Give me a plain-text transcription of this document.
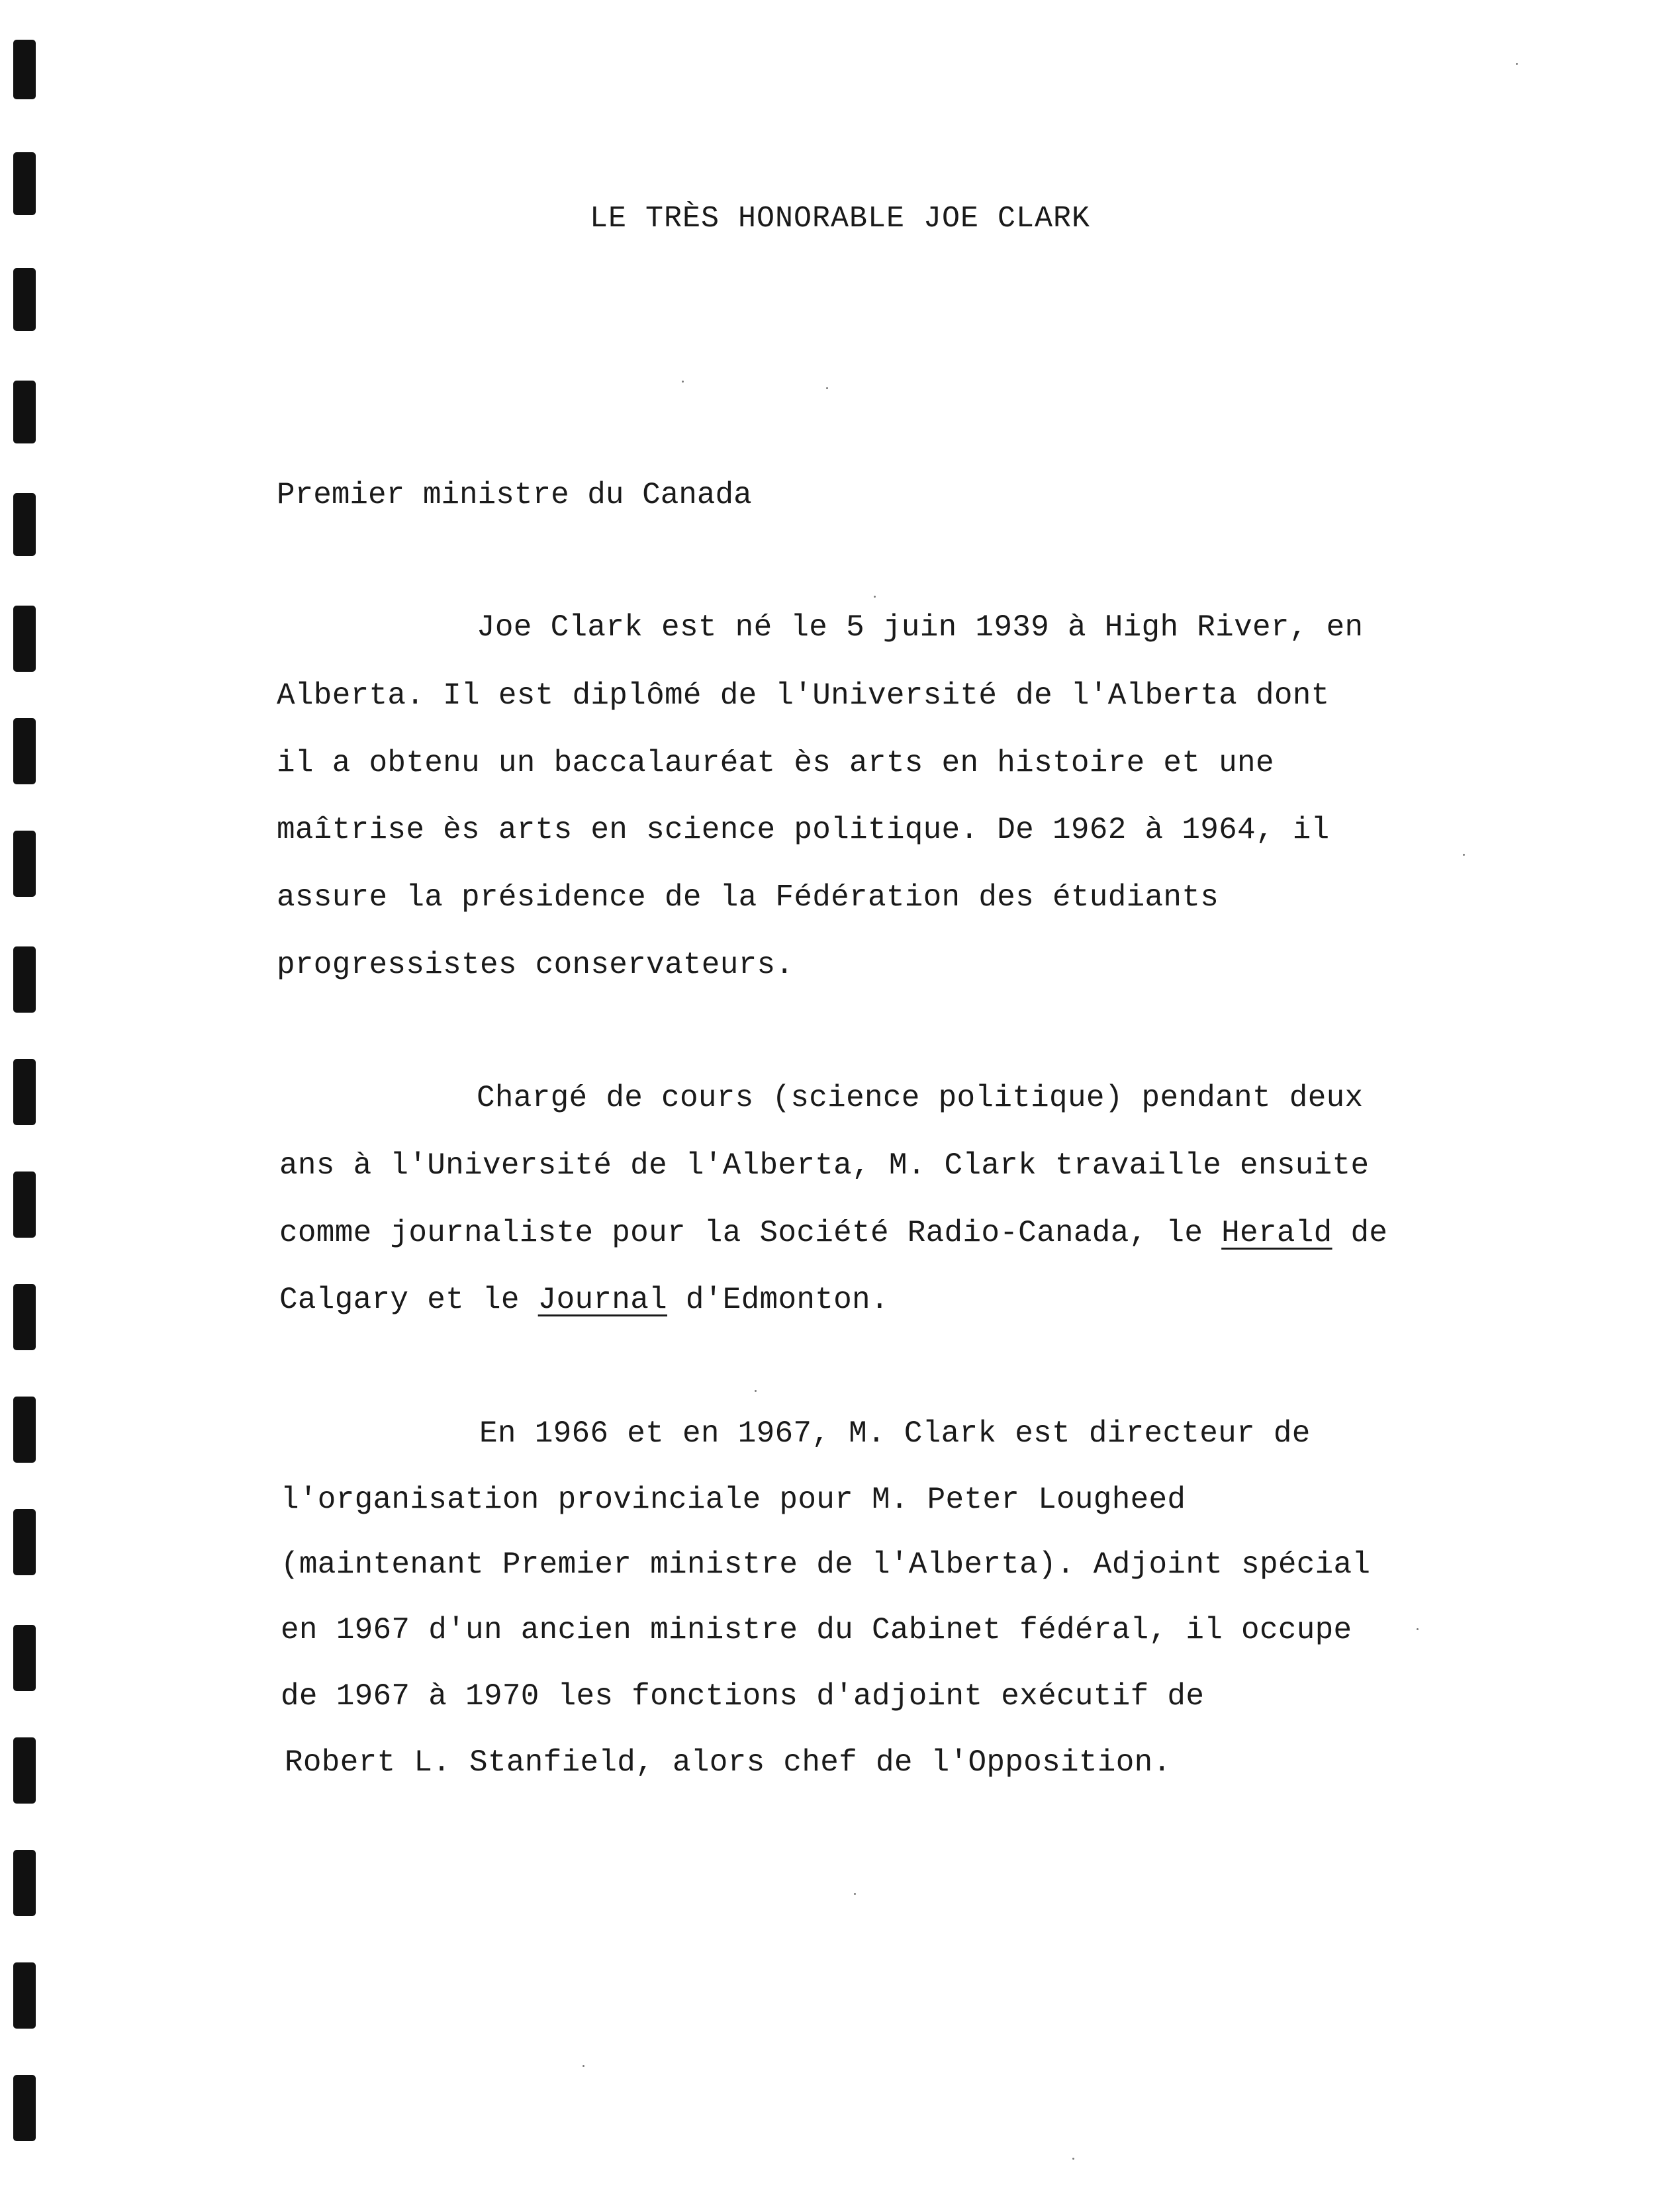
LE TRÈS HONORABLE JOE CLARK
Premier ministre du Canada
Joe Clark est né le 5 juin 1939 à High River, en
Alberta. Il est diplômé de l'Université de l'Alberta dont
il a obtenu un baccalauréat ès arts en histoire et une
maîtrise ès arts en science politique. De 1962 à 1964, il
assure la présidence de la Fédération des étudiants
progressistes conservateurs.
Chargé de cours (science politique) pendant deux
ans à l'Université de l'Alberta, M. Clark travaille ensuite
comme journaliste pour la Société Radio-Canada, le Herald de
Calgary et le Journal d'Edmonton.
En 1966 et en 1967, M. Clark est directeur de
l'organisation provinciale pour M. Peter Lougheed
(maintenant Premier ministre de l'Alberta). Adjoint spécial
en 1967 d'un ancien ministre du Cabinet fédéral, il occupe
de 1967 à 1970 les fonctions d'adjoint exécutif de
Robert L. Stanfield, alors chef de l'Opposition.
